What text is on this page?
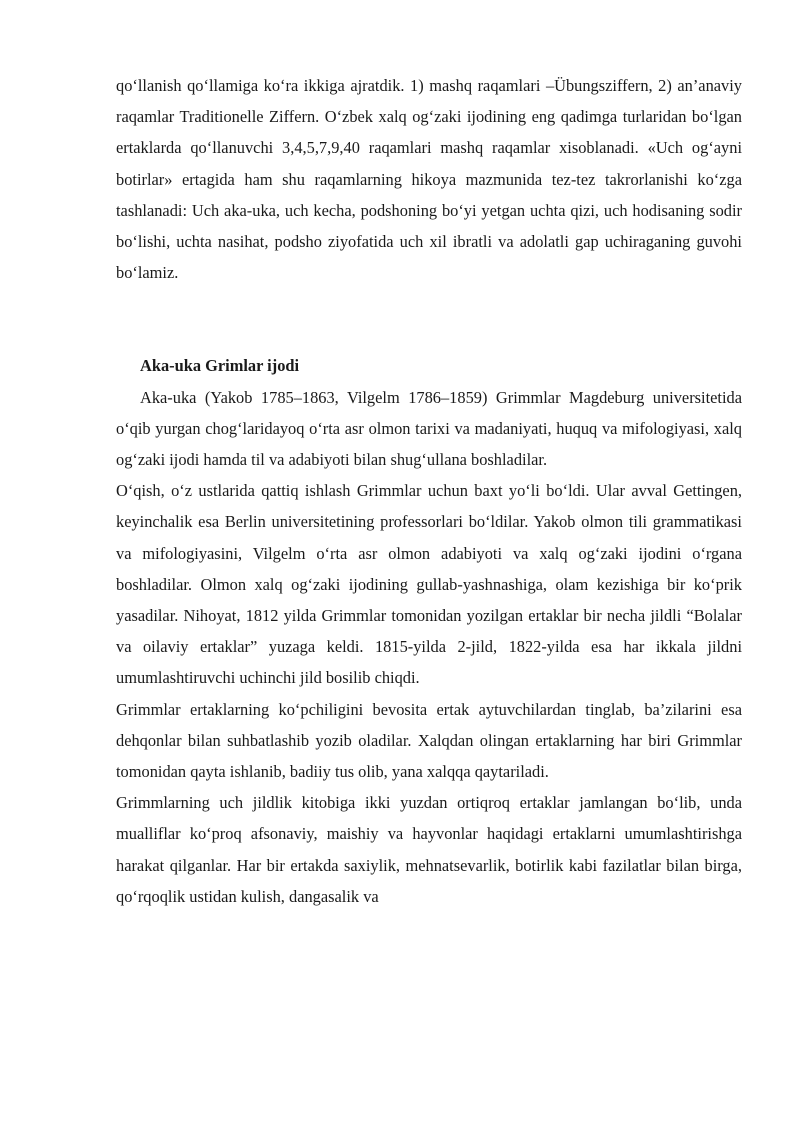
qo‘llanish qo‘llamiga ko‘ra ikkiga ajratdik. 1) mashq raqamlari –Übungsziffern, 2) an’anaviy raqamlar Traditionelle Ziffern. O‘zbek xalq og‘zaki ijodining eng qadimga turlaridan bo‘lgan ertaklarda qo‘llanuvchi 3,4,5,7,9,40 raqamlari mashq raqamlar xisoblanadi. «Uch og‘ayni botirlar» ertagida ham shu raqamlarning hikoya mazmunida tez-tez takrorlanishi ko‘zga tashlanadi: Uch aka-uka, uch kecha, podshoning bo‘yi yetgan uchta qizi, uch hodisaning sodir bo‘lishi, uchta nasihat, podsho ziyofatida uch xil ibratli va adolatli gap uchiraganing guvohi bo‘lamiz.

Aka-uka Grimlar ijodi

Aka-uka (Yakob 1785–1863, Vilgelm 1786–1859) Grimmlar Magdeburg universitetida o‘qib yurgan chog‘laridayoq o‘rta asr olmon tarixi va madaniyati, huquq va mifologiyasi, xalq og‘zaki ijodi hamda til va adabiyoti bilan shug‘ullana boshladilar.

O‘qish, o‘z ustlarida qattiq ishlash Grimmlar uchun baxt yo‘li bo‘ldi. Ular avval Gettingen, keyinchalik esa Berlin universitetining professorlari bo‘ldilar. Yakob olmon tili grammatikasi va mifologiyasini, Vilgelm o‘rta asr olmon adabiyoti va xalq og‘zaki ijodini o‘rgana boshladilar. Olmon xalq og‘zaki ijodining gullab-yashnashiga, olam kezishiga bir ko‘prik yasadilar. Nihoyat, 1812 yilda Grimmlar tomonidan yozilgan ertaklar bir necha jildli “Bolalar va oilaviy ertaklar” yuzaga keldi. 1815-yilda 2-jild, 1822-yilda esa har ikkala jildni umumlashtiruvchi uchinchi jild bosilib chiqdi.

Grimmlar ertaklarning ko‘pchiligini bevosita ertak aytuvchilardan tinglab, ba’zilarini esa dehqonlar bilan suhbatlashib yozib oladilar. Xalqdan olingan ertaklarning har biri Grimmlar tomonidan qayta ishlanib, badiiy tus olib, yana xalqqa qaytariladi.

Grimmlarning uch jildlik kitobiga ikki yuzdan ortiqroq ertaklar jamlangan bo‘lib, unda mualliflar ko‘proq afsonaviy, maishiy va hayvonlar haqidagi ertaklarni umumlashtirishga harakat qilganlar. Har bir ertakda saxiylik, mehnatsevarlik, botirlik kabi fazilatlar bilan birga, qo‘rqoqlik ustidan kulish, dangasalik va
